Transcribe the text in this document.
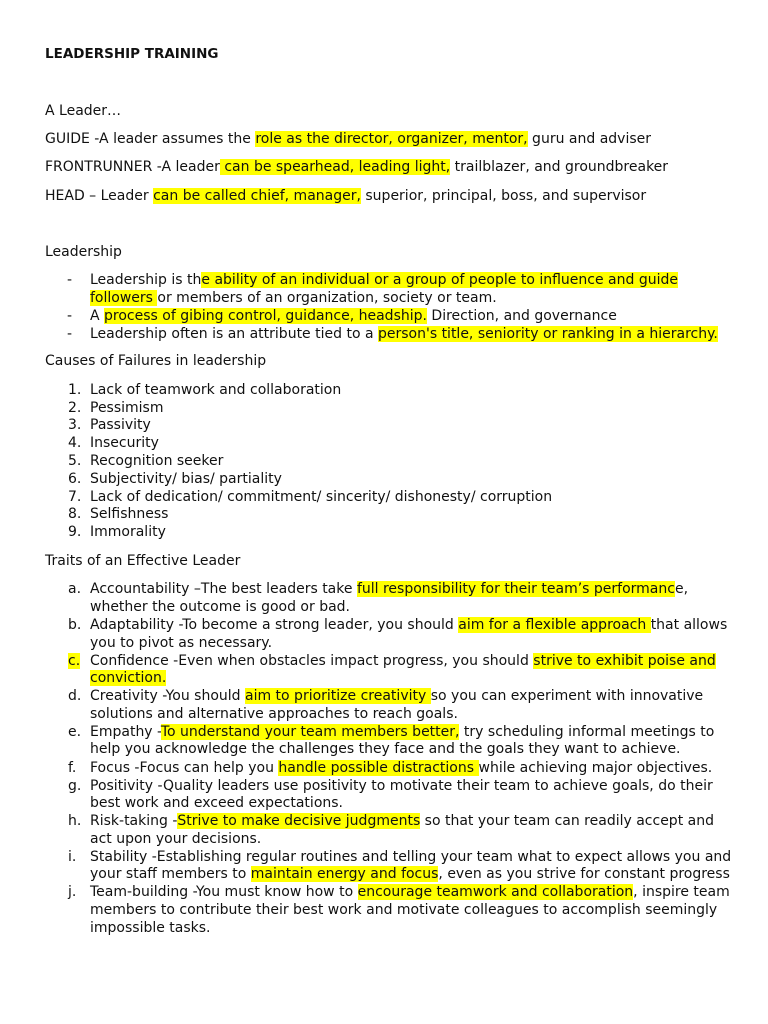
LEADERSHIP TRAINING
A Leader…
GUIDE -A leader assumes the role as the director, organizer, mentor, guru and adviser
FRONTRUNNER -A leader can be spearhead, leading light, trailblazer, and groundbreaker
HEAD – Leader can be called chief, manager, superior, principal, boss, and supervisor
Leadership
- Leadership is the ability of an individual or a group of people to influence and guide
followers or members of an organization, society or team.
- A process of gibing control, guidance, headship. Direction, and governance
- Leadership often is an attribute tied to a person's title, seniority or ranking in a hierarchy.
Causes of Failures in leadership
1. Lack of teamwork and collaboration
2. Pessimism
3. Passivity
4. Insecurity
5. Recognition seeker
6. Subjectivity/ bias/ partiality
7. Lack of dedication/ commitment/ sincerity/ dishonesty/ corruption
8. Selfishness
9. Immorality
Traits of an Effective Leader
a. Accountability –The best leaders take full responsibility for their team’s performance,
whether the outcome is good or bad.
b. Adaptability -To become a strong leader, you should aim for a flexible approach that allows
you to pivot as necessary.
c. Confidence -Even when obstacles impact progress, you should strive to exhibit poise and
conviction.
d. Creativity -You should aim to prioritize creativity so you can experiment with innovative
solutions and alternative approaches to reach goals.
e. Empathy -To understand your team members better, try scheduling informal meetings to
help you acknowledge the challenges they face and the goals they want to achieve.
f. Focus -Focus can help you handle possible distractions while achieving major objectives.
g. Positivity -Quality leaders use positivity to motivate their team to achieve goals, do their
best work and exceed expectations.
h. Risk-taking -Strive to make decisive judgments so that your team can readily accept and
act upon your decisions.
i. Stability -Establishing regular routines and telling your team what to expect allows you and
your staff members to maintain energy and focus, even as you strive for constant progress
j. Team-building -You must know how to encourage teamwork and collaboration, inspire team
members to contribute their best work and motivate colleagues to accomplish seemingly
impossible tasks.
